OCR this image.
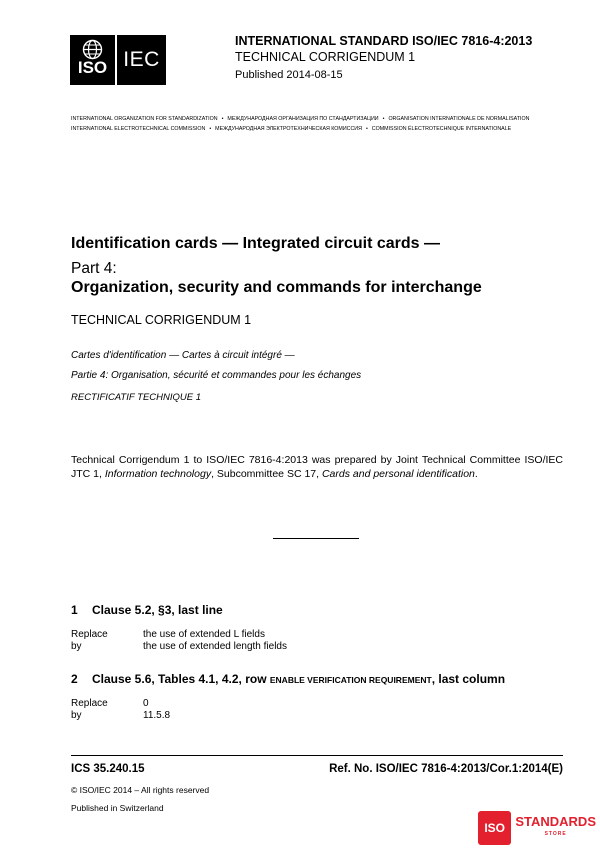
ISO IEC
INTERNATIONAL STANDARD ISO/IEC 7816-4:2013
TECHNICAL CORRIGENDUM 1
Published 2014-08-15
INTERNATIONAL ORGANIZATION FOR STANDARDIZATION • МЕЖДУНАРОДНАЯ ОРГАНИЗАЦИЯ ПО СТАНДАРТИЗАЦИИ • ORGANISATION INTERNATIONALE DE NORMALISATION
INTERNATIONAL ELECTROTECHNICAL COMMISSION • МЕЖДУНАРОДНАЯ ЭЛЕКТРОТЕХНИЧЕСКАЯ КОМИССИЯ • COMMISSION ÉLECTROTECHNIQUE INTERNATIONALE
Identification cards — Integrated circuit cards —
Part 4:
Organization, security and commands for interchange
TECHNICAL CORRIGENDUM 1
Cartes d'identification — Cartes à circuit intégré —
Partie 4: Organisation, sécurité et commandes pour les échanges
RECTIFICATIF TECHNIQUE 1
Technical Corrigendum 1 to ISO/IEC 7816-4:2013 was prepared by Joint Technical Committee ISO/IEC JTC 1, Information technology, Subcommittee SC 17, Cards and personal identification.
1 Clause 5.2, §3, last line
Replace	the use of extended L fields
by	the use of extended length fields
2 Clause 5.6, Tables 4.1, 4.2, row ENABLE VERIFICATION REQUIREMENT, last column
Replace	0
by	11.5.8
ICS 35.240.15	Ref. No. ISO/IEC 7816-4:2013/Cor.1:2014(E)
© ISO/IEC 2014 – All rights reserved
Published in Switzerland
ISO STANDARDS
STORE
